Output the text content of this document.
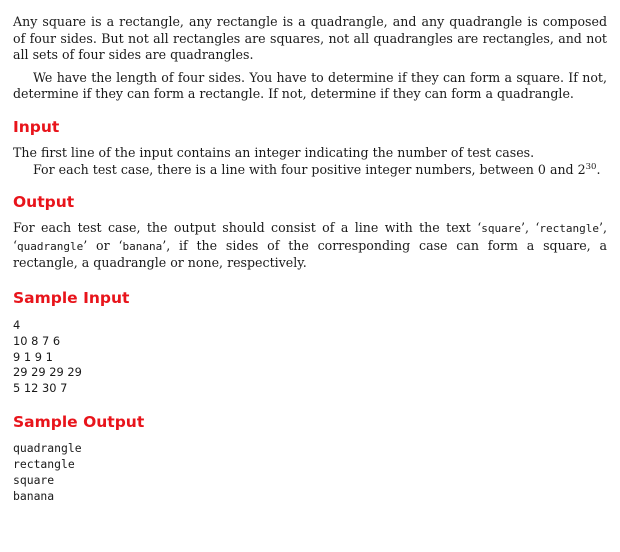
Any square is a rectangle, any rectangle is a quadrangle, and any quadrangle is composed of four sides. But not all rectangles are squares, not all quadrangles are rectangles, and not all sets of four sides are quadrangles.

We have the length of four sides. You have to determine if they can form a square. If not, determine if they can form a rectangle. If not, determine if they can form a quadrangle.

Input

The first line of the input contains an integer indicating the number of test cases.

For each test case, there is a line with four positive integer numbers, between 0 and $2^{30}$.

Output

For each test case, the output should consist of a line with the text ‘square’, ‘rectangle’, ‘quadrangle’ or ‘banana’, if the sides of the corresponding case can form a square, a rectangle, a quadrangle or none, respectively.

Sample Input
4
10 8 7 6
9 1 9 1
29 29 29 29
5 12 30 7
Sample Output
quadrangle
rectangle
square
banana
